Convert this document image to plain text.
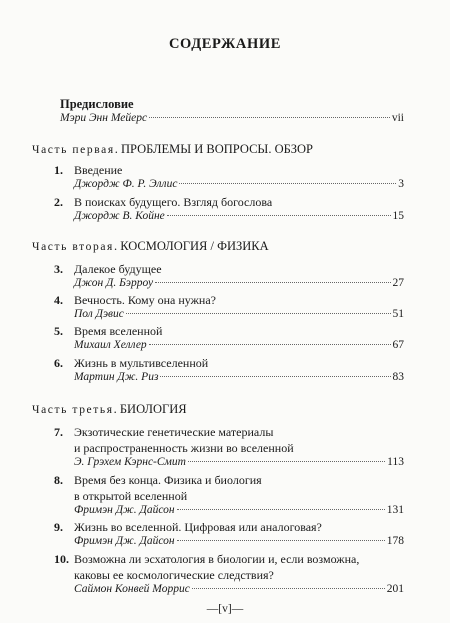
СОДЕРЖАНИЕ
Предисловие
Мэри Энн Мейерс	vii
Часть первая. ПРОБЛЕМЫ И ВОПРОСЫ. ОБЗОР
1. Введение
Джордж Ф. Р. Эллис	3
2. В поисках будущего. Взгляд богослова
Джордж В. Койне	15
Часть вторая. КОСМОЛОГИЯ / ФИЗИКА
3. Далекое будущее
Джон Д. Бэрроу	27
4. Вечность. Кому она нужна?
Пол Дэвис	51
5. Время вселенной
Михаил Хеллер	67
6. Жизнь в мультивселенной
Мартин Дж. Риз	83
Часть третья. БИОЛОГИЯ
7. Экзотические генетические материалы
и распространенность жизни во вселенной
Э. Грэхем Кэрнс-Смит	113
8. Время без конца. Физика и биология
в открытой вселенной
Фримэн Дж. Дайсон	131
9. Жизнь во вселенной. Цифровая или аналоговая?
Фримэн Дж. Дайсон	178
10. Возможна ли эсхатология в биологии и, если возможна,
каковы ее космологические следствия?
Саймон Конвей Моррис	201
—[v]—
